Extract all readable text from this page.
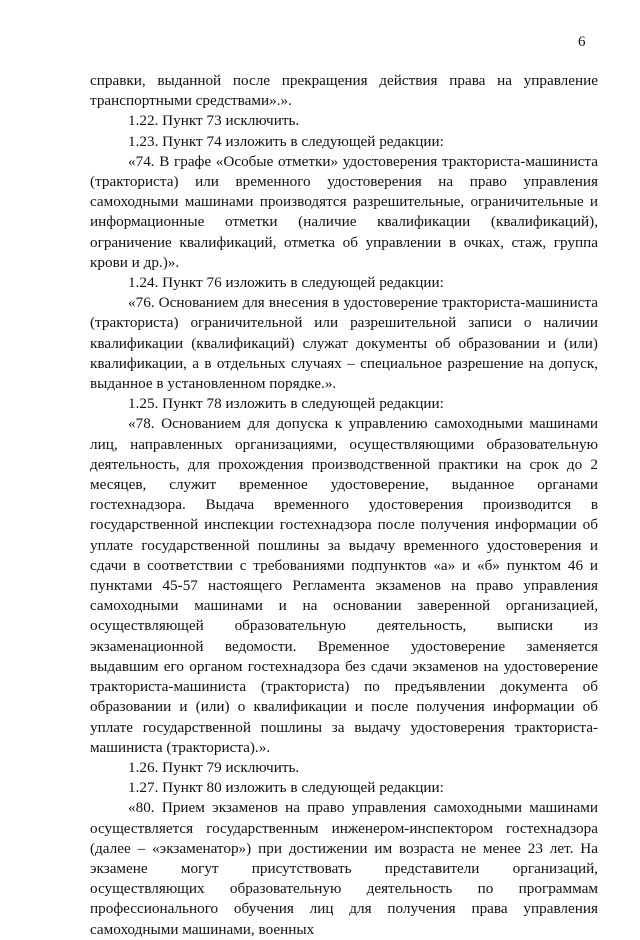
6

справки, выданной после прекращения действия права на управление транспортными средствами».».

1.22. Пункт 73 исключить.

1.23. Пункт 74 изложить в следующей редакции:

«74. В графе «Особые отметки» удостоверения тракториста-машиниста (тракториста) или временного удостоверения на право управления самоходными машинами производятся разрешительные, ограничительные и информационные отметки (наличие квалификации (квалификаций), ограничение квалификаций, отметка об управлении в очках, стаж, группа крови и др.)».

1.24. Пункт 76 изложить в следующей редакции:

«76. Основанием для внесения в удостоверение тракториста-машиниста (тракториста) ограничительной или разрешительной записи о наличии квалификации (квалификаций) служат документы об образовании и (или) квалификации, а в отдельных случаях – специальное разрешение на допуск, выданное в установленном порядке.».

1.25. Пункт 78 изложить в следующей редакции:

«78. Основанием для допуска к управлению самоходными машинами лиц, направленных организациями, осуществляющими образовательную деятельность, для прохождения производственной практики на срок до 2 месяцев, служит временное удостоверение, выданное органами гостехнадзора. Выдача временного удостоверения производится в государственной инспекции гостехнадзора после получения информации об уплате государственной пошлины за выдачу временного удостоверения и сдачи в соответствии с требованиями подпунктов «а» и «б» пунктом 46 и пунктами 45-57 настоящего Регламента экзаменов на право управления самоходными машинами и на основании заверенной организацией, осуществляющей образовательную деятельность, выписки из экзаменационной ведомости. Временное удостоверение заменяется выдавшим его органом гостехнадзора без сдачи экзаменов на удостоверение тракториста-машиниста (тракториста) по предъявлении документа об образовании и (или) о квалификации и после получения информации об уплате государственной пошлины за выдачу удостоверения тракториста-машиниста (тракториста).».

1.26. Пункт 79 исключить.

1.27. Пункт 80 изложить в следующей редакции:

«80. Прием экзаменов на право управления самоходными машинами осуществляется государственным инженером-инспектором гостехнадзора (далее – «экзаменатор») при достижении им возраста не менее 23 лет. На экзамене могут присутствовать представители организаций, осуществляющих образовательную деятельность по программам профессионального обучения лиц для получения права управления самоходными машинами, военных
